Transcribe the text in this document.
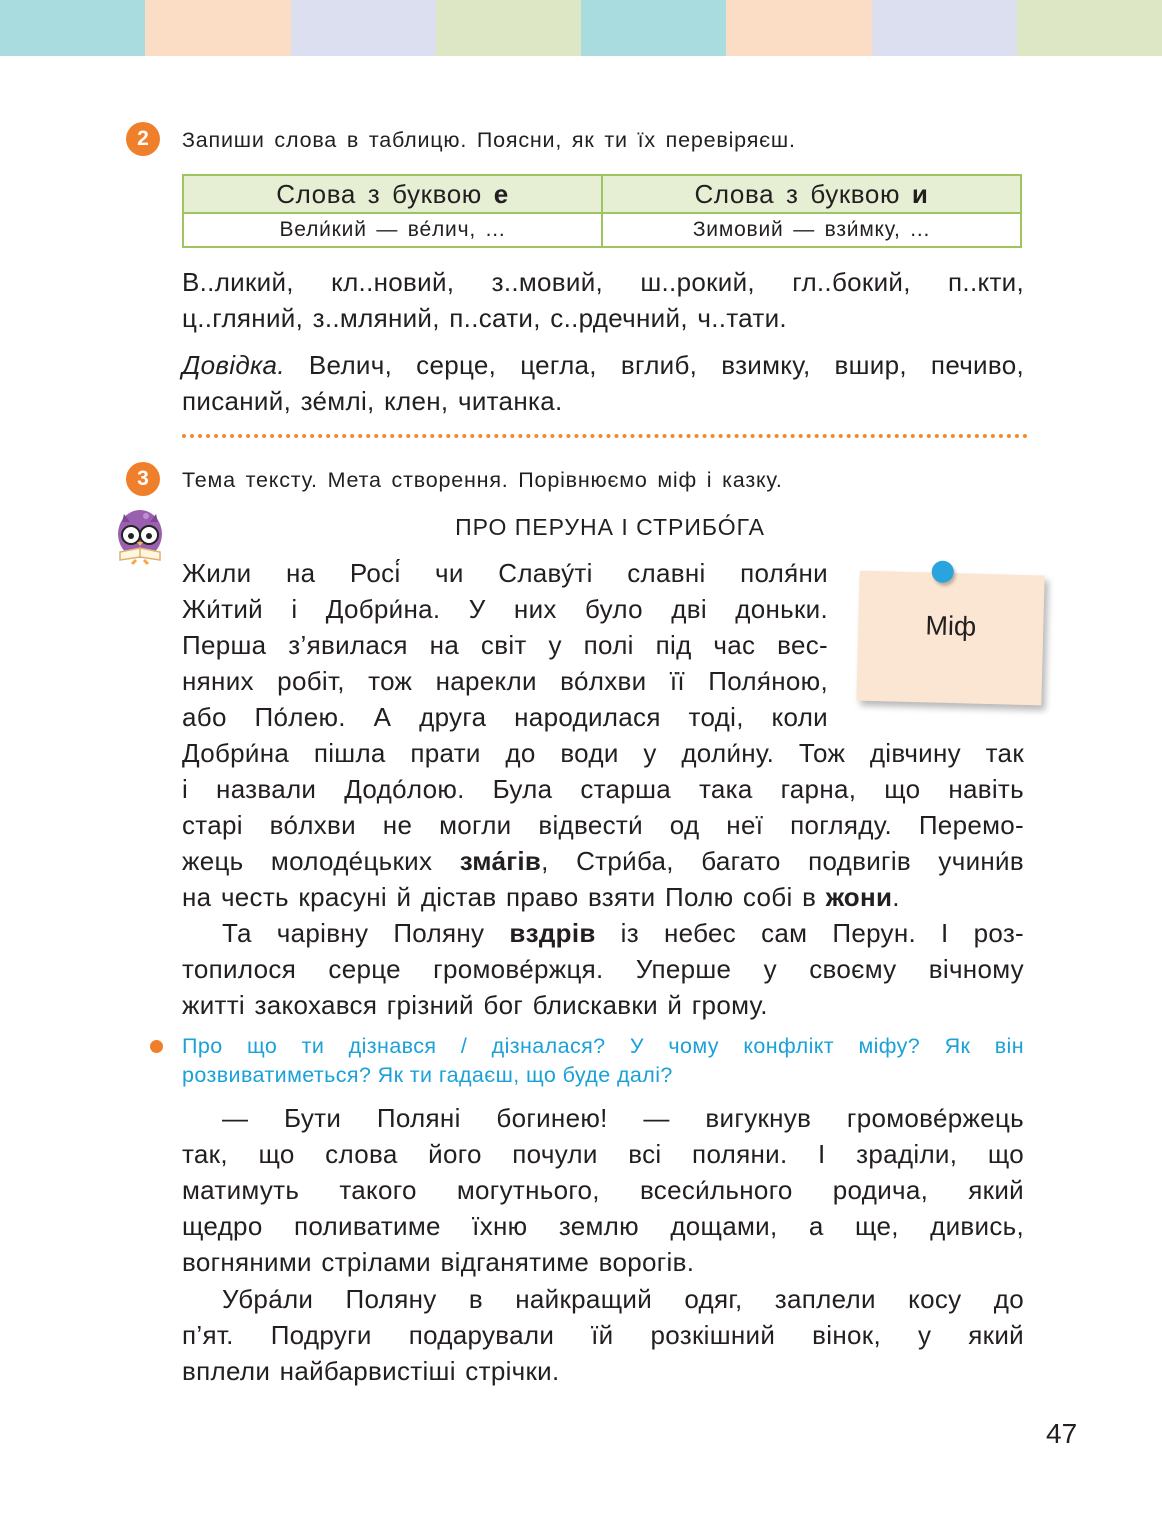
2	Запиши слова в таблицю. Поясни, як ти їх перевіряєш.
Слова з буквою е	Слова з буквою и
Вели́кий — ве́лич, ...	Зимовий — взи́мку, ...
В..ликий, кл..новий, з..мовий, ш..рокий, гл..бокий, п..кти,
ц..гляний, з..мляний, п..сати, с..рдечний, ч..тати.
Довідка. Велич, серце, цегла, вглиб, взимку, вшир, печиво,
писаний, зе́млі, клен, читанка.
3	Тема тексту. Мета створення. Порівнюємо міф і казку.
ПРО ПЕРУНА І СТРИБО́ГА
Міф
Жили на Росі́ чи Славу́ті славні поля́ни
Жи́тий і Добри́на. У них було дві доньки.
Перша з’явилася на світ у полі під час вес-
няних робіт, тож нарекли во́лхви її Поля́ною,
або По́лею. А друга народилася тоді, коли
Добри́на пішла прати до води у доли́ну. Тож дівчину так
і назвали Додо́лою. Була старша така гарна, що навіть
старі во́лхви не могли відвести́ од неї погляду. Перемо-
жець молоде́цьких зма́гів, Стри́ба, багато подвигів учини́в
на честь красуні й дістав право взяти Полю собі в жони.
Та чарівну Поляну вздрів із небес сам Перун. І роз-
топилося серце громове́ржця. Уперше у своєму вічному
житті закохався грізний бог блискавки й грому.
Про що ти дізнався / дізналася? У чому конфлікт міфу? Як він
розвиватиметься? Як ти гадаєш, що буде далі?
— Бути Поляні богинею! — вигукнув громове́ржець
так, що слова його почули всі поляни. І зраділи, що
матимуть такого могутнього, всеси́льного родича, який
щедро поливатиме їхню землю дощами, а ще, дивись,
вогняними стрілами відганятиме ворогів.
Убра́ли Поляну в найкращий одяг, заплели косу до
п’ят. Подруги подарували їй розкішний вінок, у який
вплели найбарвистіші стрічки.
47
